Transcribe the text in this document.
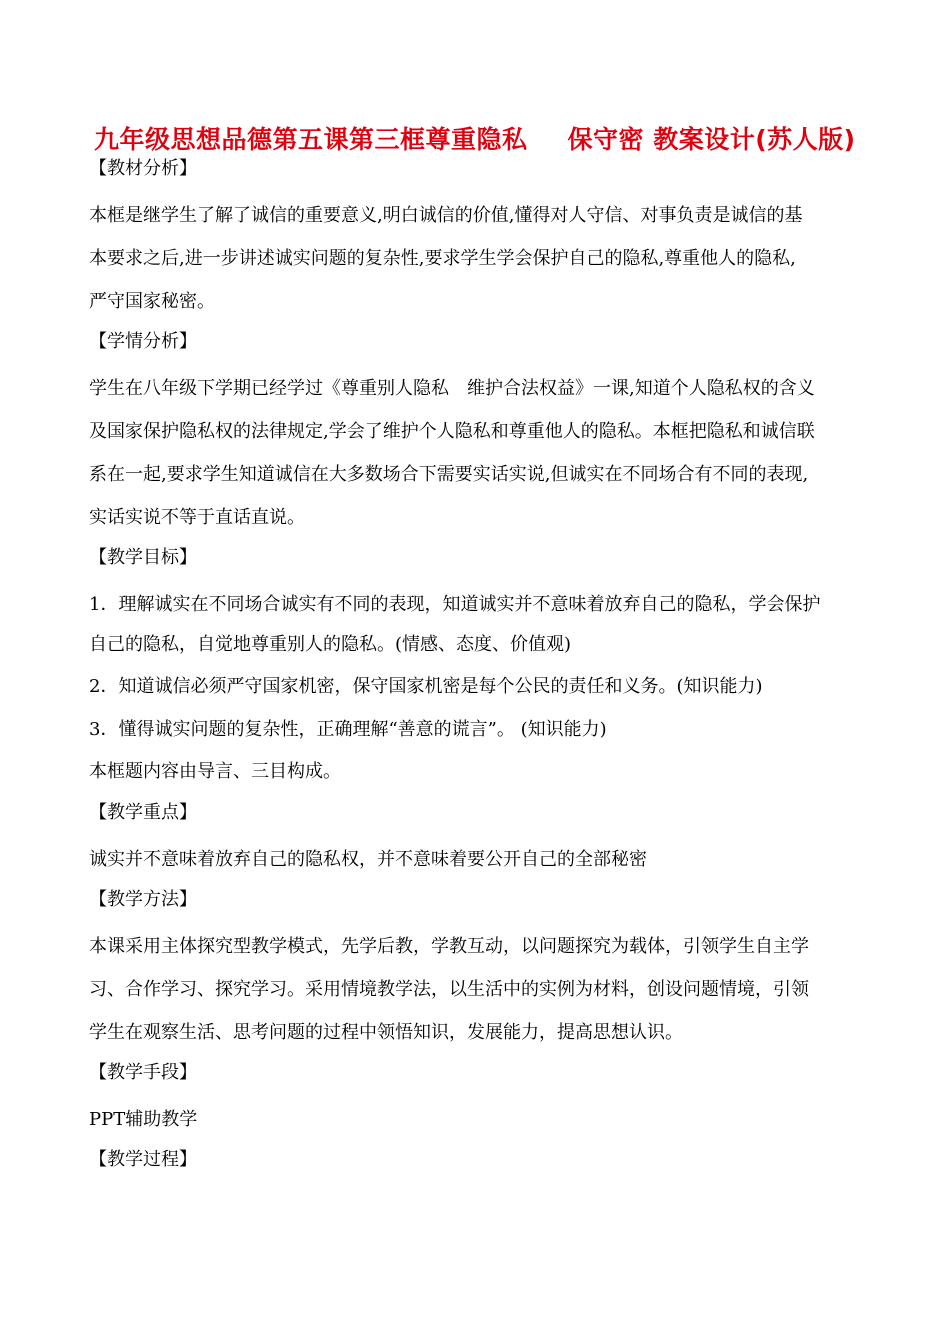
九年级思想品德第五课第三框尊重隐私 保守密 教案设计(苏人版)

【教材分析】

本框是继学生了解了诚信的重要意义,明白诚信的价值,懂得对人守信、对事负责是诚信的基

本要求之后,进一步讲述诚实问题的复杂性,要求学生学会保护自己的隐私,尊重他人的隐私,

严守国家秘密。

【学情分析】

学生在八年级下学期已经学过《尊重别人隐私　维护合法权益》一课,知道个人隐私权的含义

及国家保护隐私权的法律规定,学会了维护个人隐私和尊重他人的隐私。本框把隐私和诚信联

系在一起,要求学生知道诚信在大多数场合下需要实话实说,但诚实在不同场合有不同的表现,

实话实说不等于直话直说。

【教学目标】

1．理解诚实在不同场合诚实有不同的表现，知道诚实并不意味着放弃自己的隐私，学会保护

自己的隐私，自觉地尊重别人的隐私。(情感、态度、价值观)

2．知道诚信必须严守国家机密，保守国家机密是每个公民的责任和义务。(知识能力)

3．懂得诚实问题的复杂性，正确理解“善意的谎言”。 (知识能力)

本框题内容由导言、三目构成。

【教学重点】

诚实并不意味着放弃自己的隐私权，并不意味着要公开自己的全部秘密

【教学方法】

本课采用主体探究型教学模式，先学后教，学教互动，以问题探究为载体，引领学生自主学

习、合作学习、探究学习。采用情境教学法，以生活中的实例为材料，创设问题情境，引领

学生在观察生活、思考问题的过程中领悟知识，发展能力，提高思想认识。

【教学手段】

PPT辅助教学

【教学过程】
